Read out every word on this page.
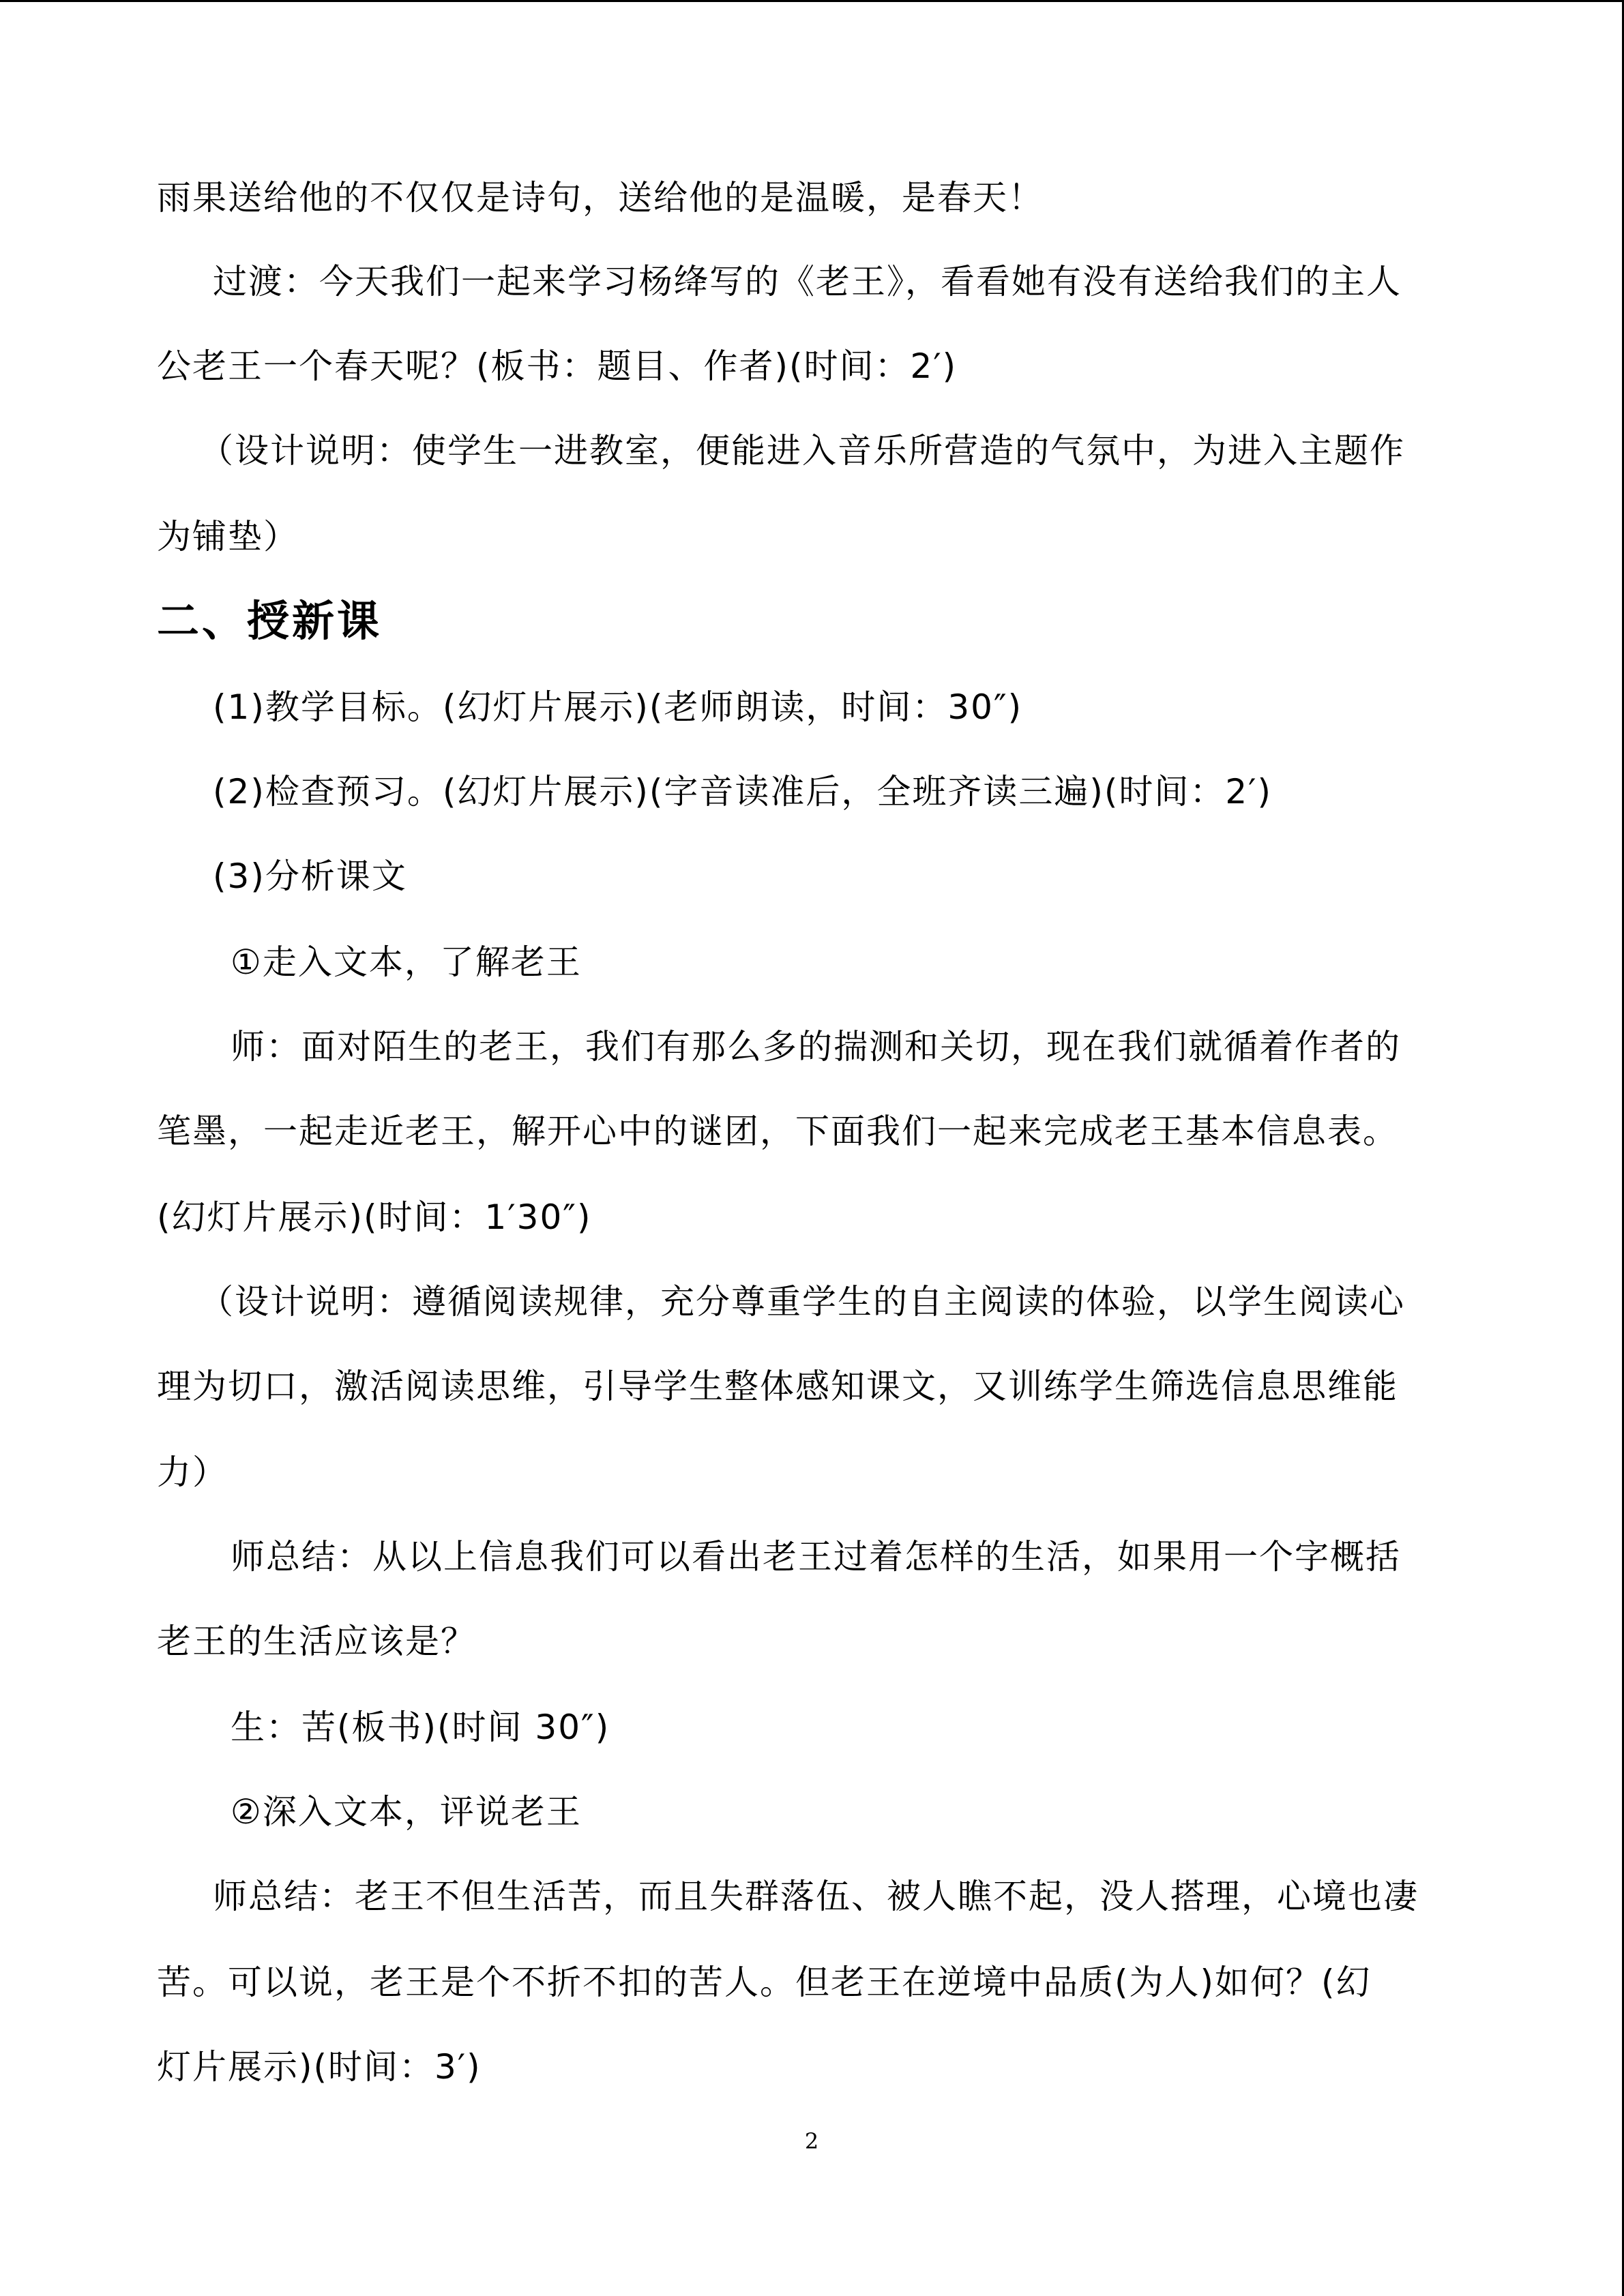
雨果送给他的不仅仅是诗句，送给他的是温暖，是春天！
过渡：今天我们一起来学习杨绛写的《老王》，看看她有没有送给我们的主人
公老王一个春天呢？(板书：题目、作者)(时间：2′)
（设计说明：使学生一进教室，便能进入音乐所营造的气氛中，为进入主题作
为铺垫）
二、授新课
(1)教学目标。(幻灯片展示)(老师朗读，时间：30″)
(2)检查预习。(幻灯片展示)(字音读准后，全班齐读三遍)(时间：2′)
(3)分析课文
①走入文本，了解老王
师：面对陌生的老王，我们有那么多的揣测和关切，现在我们就循着作者的
笔墨，一起走近老王，解开心中的谜团，下面我们一起来完成老王基本信息表。
(幻灯片展示)(时间：1′30″)
（设计说明：遵循阅读规律，充分尊重学生的自主阅读的体验，以学生阅读心
理为切口，激活阅读思维，引导学生整体感知课文，又训练学生筛选信息思维能
力）
师总结：从以上信息我们可以看出老王过着怎样的生活，如果用一个字概括
老王的生活应该是？
生：苦(板书)(时间 30″)
②深入文本，评说老王
师总结：老王不但生活苦，而且失群落伍、被人瞧不起，没人搭理，心境也凄
苦。可以说，老王是个不折不扣的苦人。但老王在逆境中品质(为人)如何？(幻
灯片展示)(时间：3′)
2
